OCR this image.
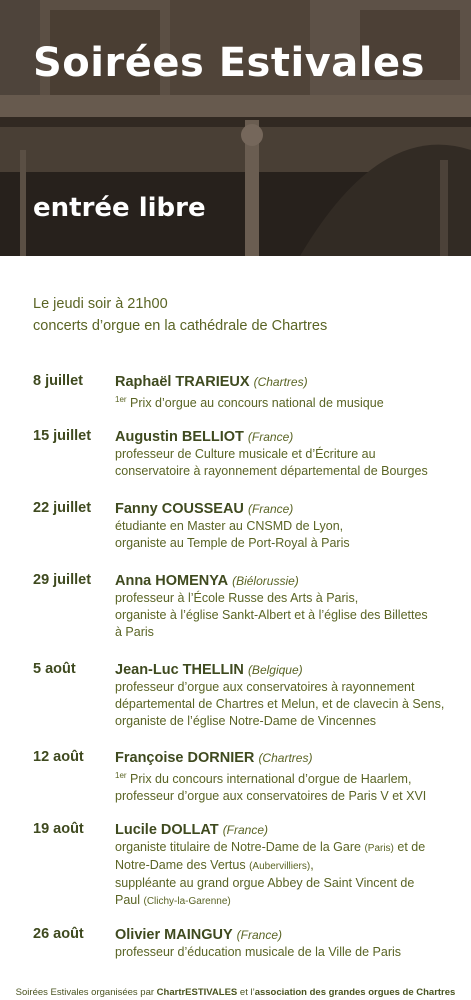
Soirées Estivales
entrée libre
Le jeudi soir à 21h00
concerts d’orgue en la cathédrale de Chartres
8 juillet	Raphaël TRARIEUX (Chartres)
$^{1er}$ Prix d’orgue au concours national de musique
15 juillet	Augustin BELLIOT (France)
professeur de Culture musicale et d’Écriture au
conservatoire à rayonnement départemental de Bourges
22 juillet	Fanny COUSSEAU (France)
étudiante en Master au CNSMD de Lyon,
organiste au Temple de Port-Royal à Paris
29 juillet	Anna HOMENYA (Biélorussie)
professeur à l’École Russe des Arts à Paris,
organiste à l’église Sankt-Albert et à l’église des Billettes
à Paris
5 août	Jean-Luc THELLIN (Belgique)
professeur d’orgue aux conservatoires à rayonnement
départemental de Chartres et Melun, et de clavecin à Sens,
organiste de l’église Notre-Dame de Vincennes
12 août	Françoise DORNIER (Chartres)
$^{1er}$ Prix du concours international d’orgue de Haarlem,
professeur d’orgue aux conservatoires de Paris V et XVI
19 août	Lucile DOLLAT (France)
organiste titulaire de Notre-Dame de la Gare (Paris) et de
Notre-Dame des Vertus (Aubervilliers),
suppléante au grand orgue Abbey de Saint Vincent de
Paul (Clichy-la-Garenne)
26 août	Olivier MAINGUY (France)
professeur d’éducation musicale de la Ville de Paris
Soirées Estivales organisées par ChartrESTIVALES et l’association des grandes orgues de Chartres
